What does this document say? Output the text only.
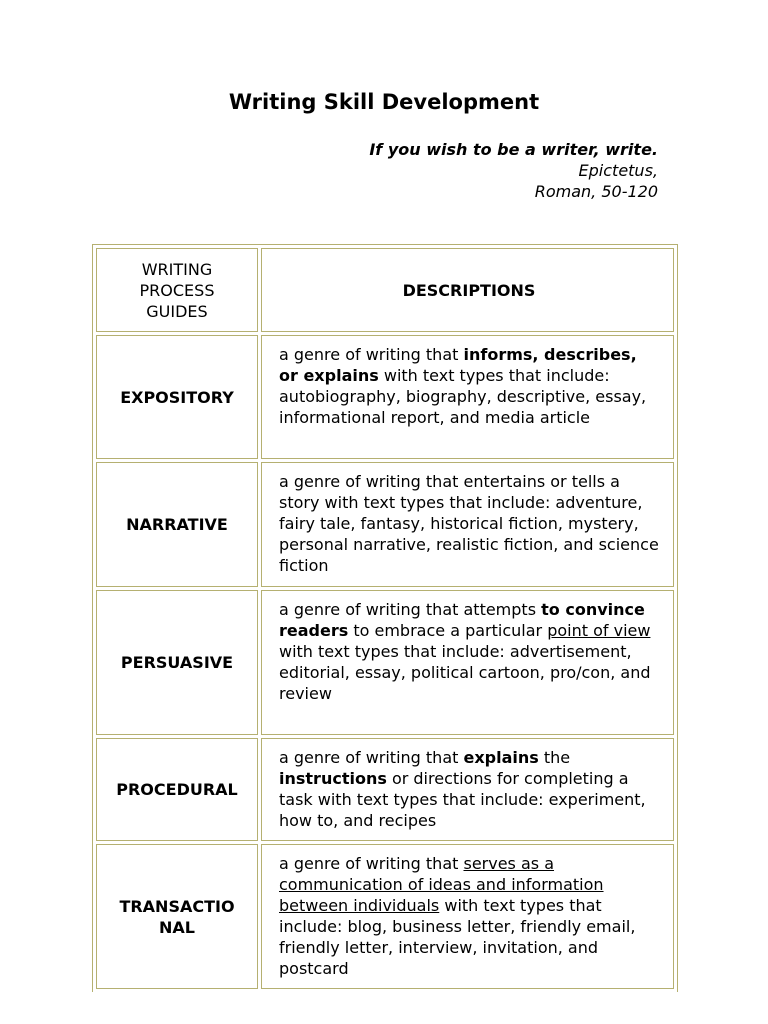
Writing Skill Development
If you wish to be a writer, write.
Epictetus,
Roman, 50-120
WRITING
PROCESS
GUIDES	DESCRIPTIONS
EXPOSITORY	a genre of writing that informs, describes, or explains with text types that include: autobiography, biography, descriptive, essay, informational report, and media article
NARRATIVE	a genre of writing that entertains or tells a story with text types that include: adventure, fairy tale, fantasy, historical fiction, mystery, personal narrative, realistic fiction, and science fiction
PERSUASIVE	a genre of writing that attempts to convince readers to embrace a particular point of view with text types that include: advertisement, editorial, essay, political cartoon, pro/con, and review
PROCEDURAL	a genre of writing that explains the instructions or directions for completing a task with text types that include: experiment, how to, and recipes
TRANSACTIO
NAL	a genre of writing that serves as a communication of ideas and information between individuals with text types that include: blog, business letter, friendly email, friendly letter, interview, invitation, and postcard
